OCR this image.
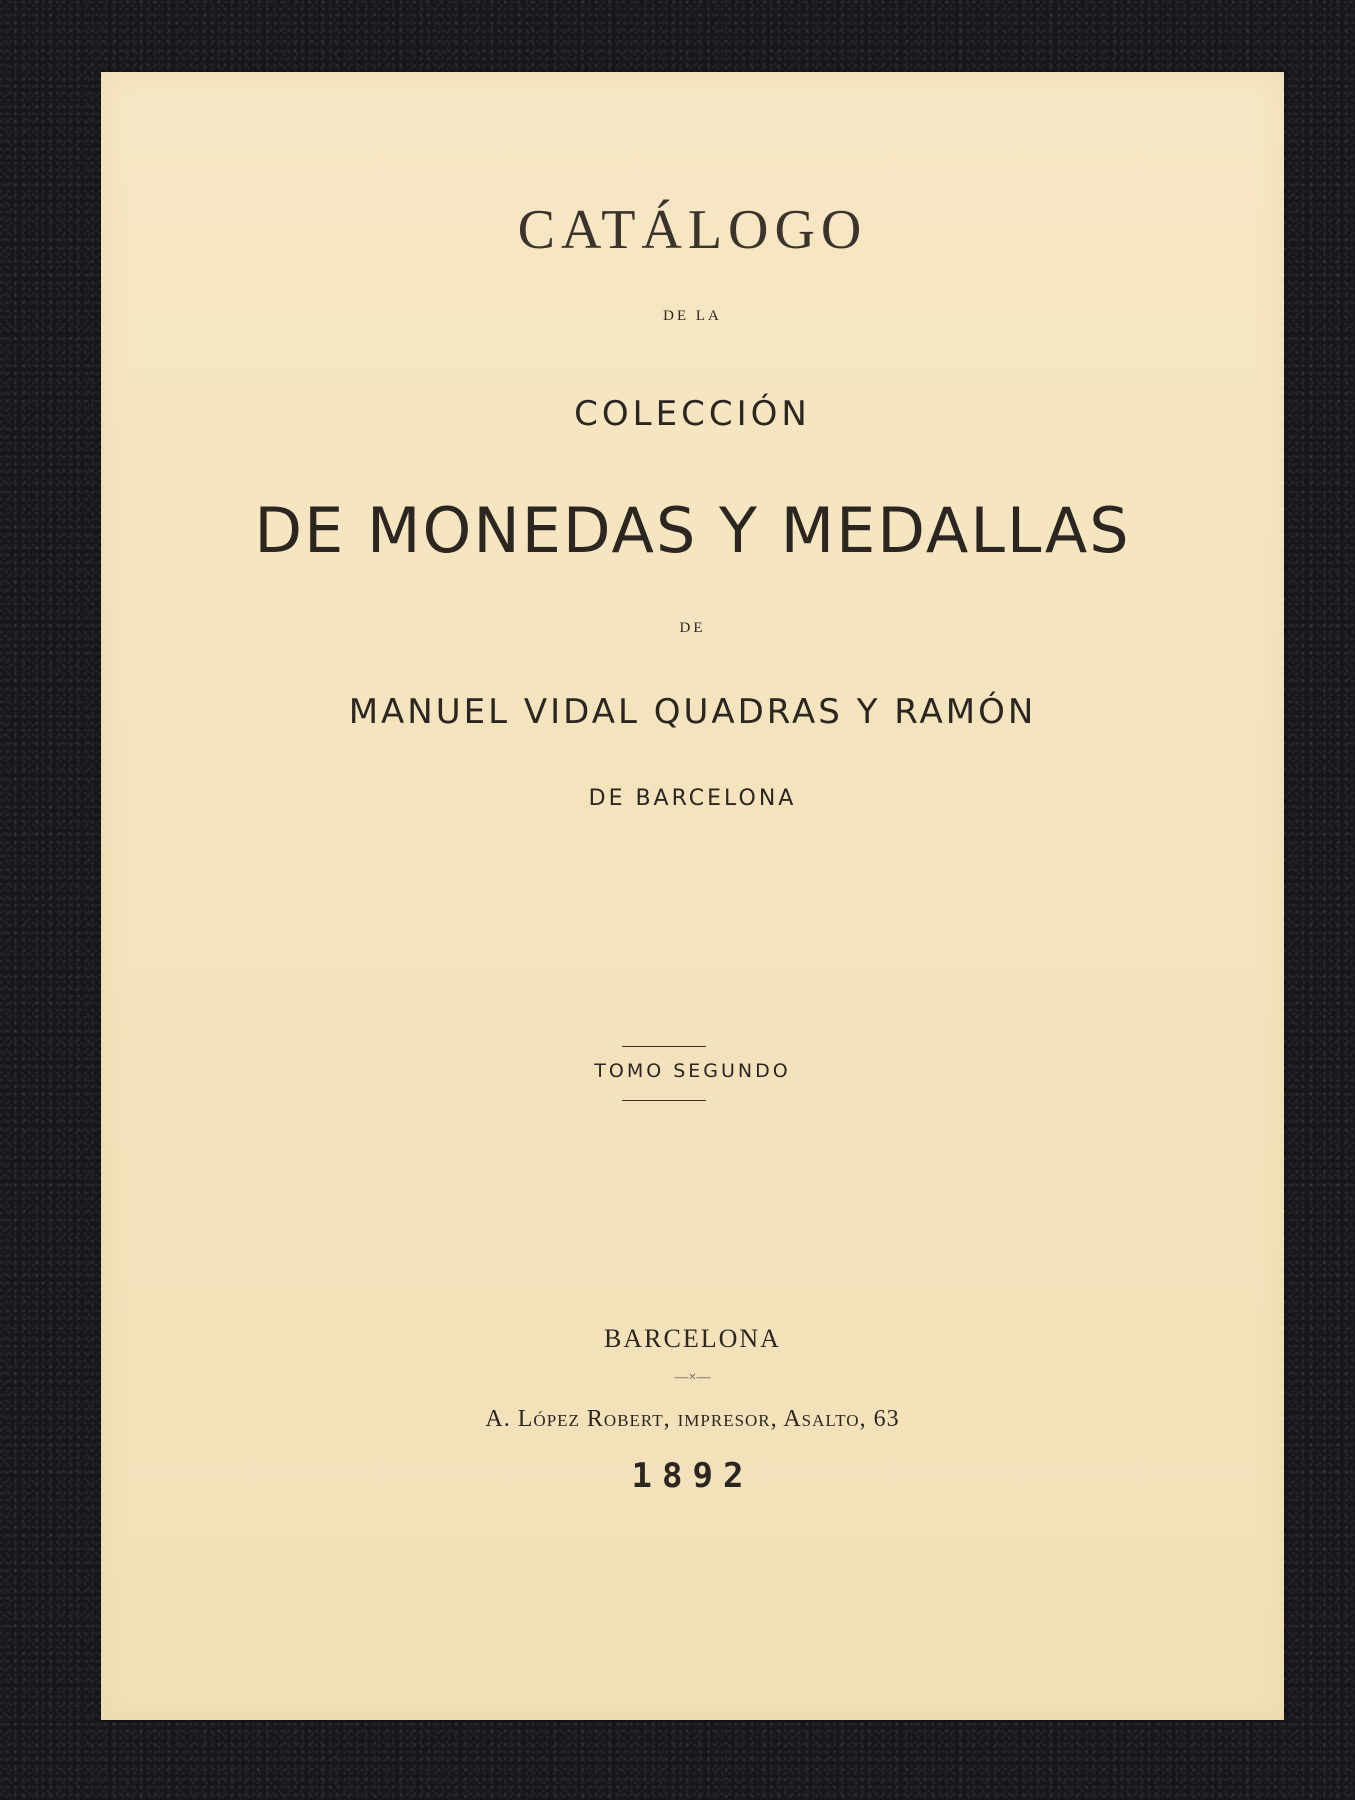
CATÁLOGO
DE LA
COLECCIÓN
DE MONEDAS Y MEDALLAS
DE
MANUEL VIDAL QUADRAS Y RAMÓN
DE BARCELONA
TOMO SEGUNDO
BARCELONA
—×—
A. López Robert, impresor, Asalto, 63
1892
